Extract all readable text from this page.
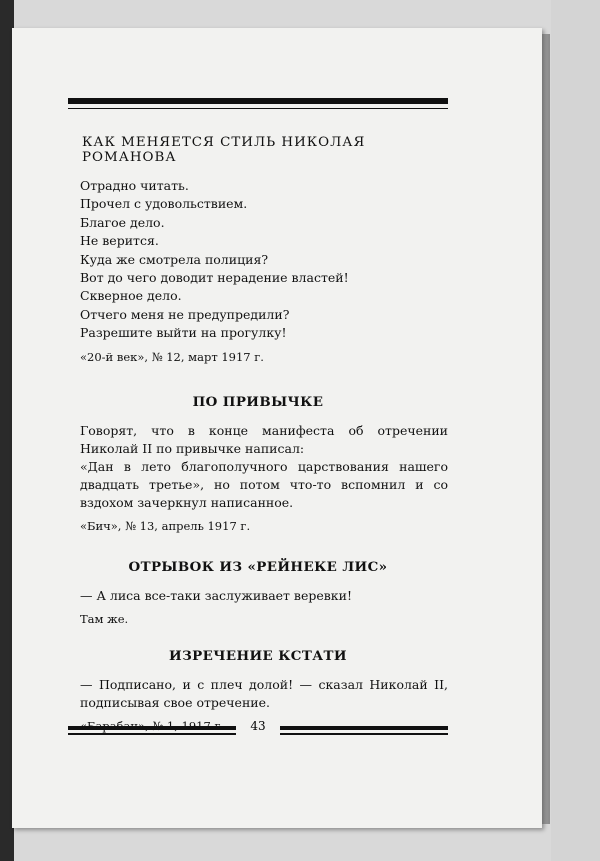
КАК МЕНЯЕТСЯ СТИЛЬ НИКОЛАЯ РОМАНОВА
Отрадно читать.
Прочел с удовольствием.
Благое дело.
Не верится.
Куда же смотрела полиция?
Вот до чего доводит нерадение властей!
Скверное дело.
Отчего меня не предупредили?
Разрешите выйти на прогулку!
«20-й век», № 12, март 1917 г.
ПО ПРИВЫЧКЕ

Говорят, что в конце манифеста об отречении Николай II по привычке написал:

«Дан в лето благополучного царствования нашего двадцать третье», но потом что-то вспомнил и со вздохом зачеркнул написанное.

«Бич», № 13, апрель 1917 г.
ОТРЫВОК ИЗ «РЕЙНЕКЕ ЛИС»

— А лиса все-таки заслуживает веревки!

Там же.
ИЗРЕЧЕНИЕ КСТАТИ

— Подписано, и с плеч долой! — сказал Николай II, подписывая свое отречение.

43
